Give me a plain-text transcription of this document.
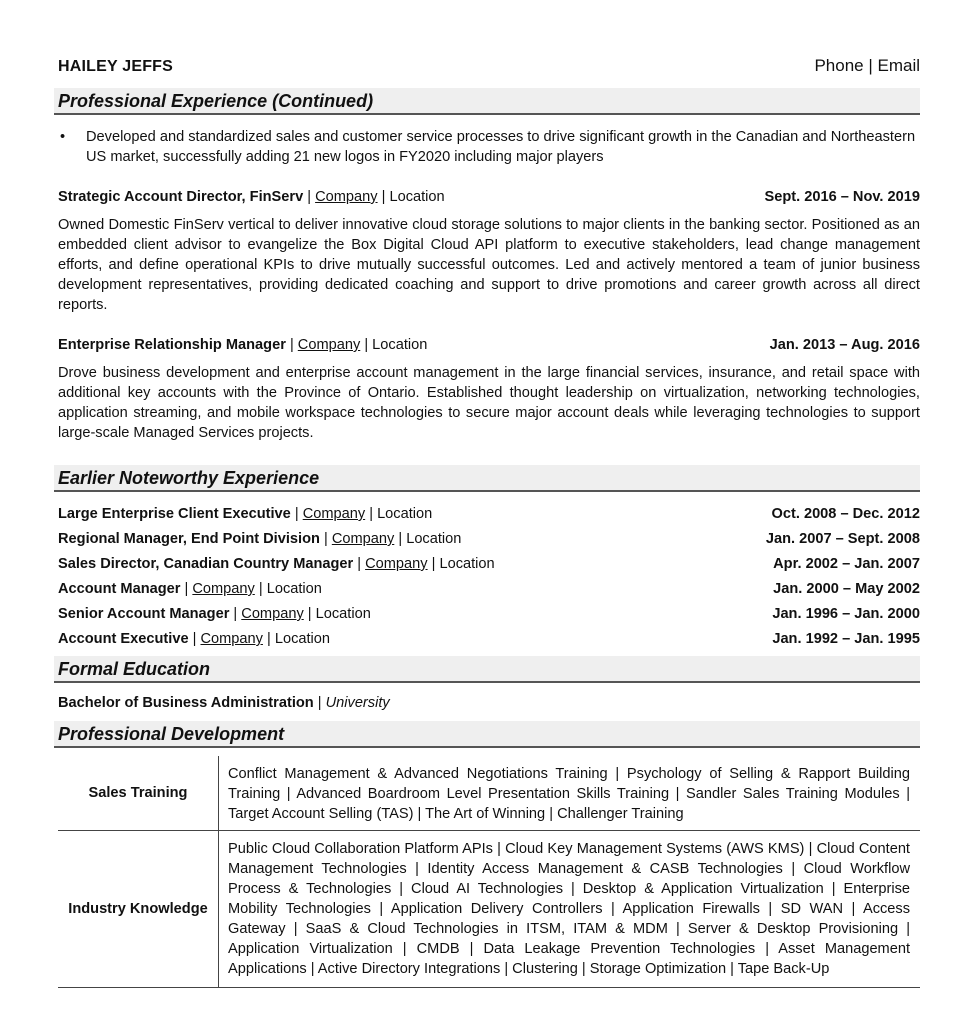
HAILEY JEFFS	Phone | Email
Professional Experience (Continued)
• Developed and standardized sales and customer service processes to drive significant growth in the Canadian and Northeastern US market, successfully adding 21 new logos in FY2020 including major players
Strategic Account Director, FinServ | Company | Location	Sept. 2016 – Nov. 2019
Owned Domestic FinServ vertical to deliver innovative cloud storage solutions to major clients in the banking sector. Positioned as an embedded client advisor to evangelize the Box Digital Cloud API platform to executive stakeholders, lead change management efforts, and define operational KPIs to drive mutually successful outcomes. Led and actively mentored a team of junior business development representatives, providing dedicated coaching and support to drive promotions and career growth across all direct reports.
Enterprise Relationship Manager | Company | Location	Jan. 2013 – Aug. 2016
Drove business development and enterprise account management in the large financial services, insurance, and retail space with additional key accounts with the Province of Ontario. Established thought leadership on virtualization, networking technologies, application streaming, and mobile workspace technologies to secure major account deals while leveraging technologies to support large-scale Managed Services projects.
Earlier Noteworthy Experience
Large Enterprise Client Executive | Company | Location	Oct. 2008 – Dec. 2012
Regional Manager, End Point Division | Company | Location	Jan. 2007 – Sept. 2008
Sales Director, Canadian Country Manager | Company | Location	Apr. 2002 – Jan. 2007
Account Manager | Company | Location	Jan. 2000 – May 2002
Senior Account Manager | Company | Location	Jan. 1996 – Jan. 2000
Account Executive | Company | Location	Jan. 1992 – Jan. 1995
Formal Education
Bachelor of Business Administration | University
Professional Development
Sales Training	Conflict Management & Advanced Negotiations Training | Psychology of Selling & Rapport Building Training | Advanced Boardroom Level Presentation Skills Training | Sandler Sales Training Modules | Target Account Selling (TAS) | The Art of Winning | Challenger Training
Industry Knowledge	Public Cloud Collaboration Platform APIs | Cloud Key Management Systems (AWS KMS) | Cloud Content Management Technologies | Identity Access Management & CASB Technologies | Cloud Workflow Process & Technologies | Cloud AI Technologies | Desktop & Application Virtualization | Enterprise Mobility Technologies | Application Delivery Controllers | Application Firewalls | SD WAN | Access Gateway | SaaS & Cloud Technologies in ITSM, ITAM & MDM | Server & Desktop Provisioning | Application Virtualization | CMDB | Data Leakage Prevention Technologies | Asset Management Applications | Active Directory Integrations | Clustering | Storage Optimization | Tape Back-Up
